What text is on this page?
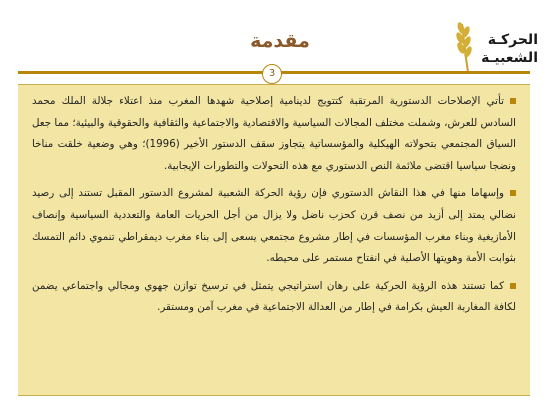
الحركـة
الشعبيـة
مقدمة
3

تأتي الإصلاحات الدستورية المرتقبة كتتويج لدينامية إصلاحية شهدها المغرب منذ اعتلاء جلالة الملك محمد السادس للعرش، وشملت مختلف المجالات السياسية والاقتصادية والاجتماعية والثقافية والحقوقية والبيئية؛ مما جعل السياق المجتمعي بتحولاته الهيكلية والمؤسساتية يتجاوز سقف الدستور الأخير (1996)؛ وهي وضعية خلقت مناخا ونضجا سياسيا اقتضى ملائمة النص الدستوري مع هذه التحولات والتطورات الإيجابية.

وإسهاما منها في هذا النقاش الدستوري فإن رؤية الحركة الشعبية لمشروع الدستور المقبل تستند إلى رصيد نضالي يمتد إلى أزيد من نصف قرن كحزب ناضل ولا يزال من أجل الحريات العامة والتعددية السياسية وإنصاف الأمازيغية وبناء مغرب المؤسسات في إطار مشروع مجتمعي يسعى إلى بناء مغرب ديمقراطي تنموي دائم التمسك بثوابت الأمة وهويتها الأصلية في انفتاح مستمر على محيطه.

كما تستند هذه الرؤية الحركية على رهان استراتيجي يتمثل في ترسيخ توازن جهوي ومجالي واجتماعي يضمن لكافة المغاربة العيش بكرامة في إطار من العدالة الاجتماعية في مغرب آمن ومستقر.
